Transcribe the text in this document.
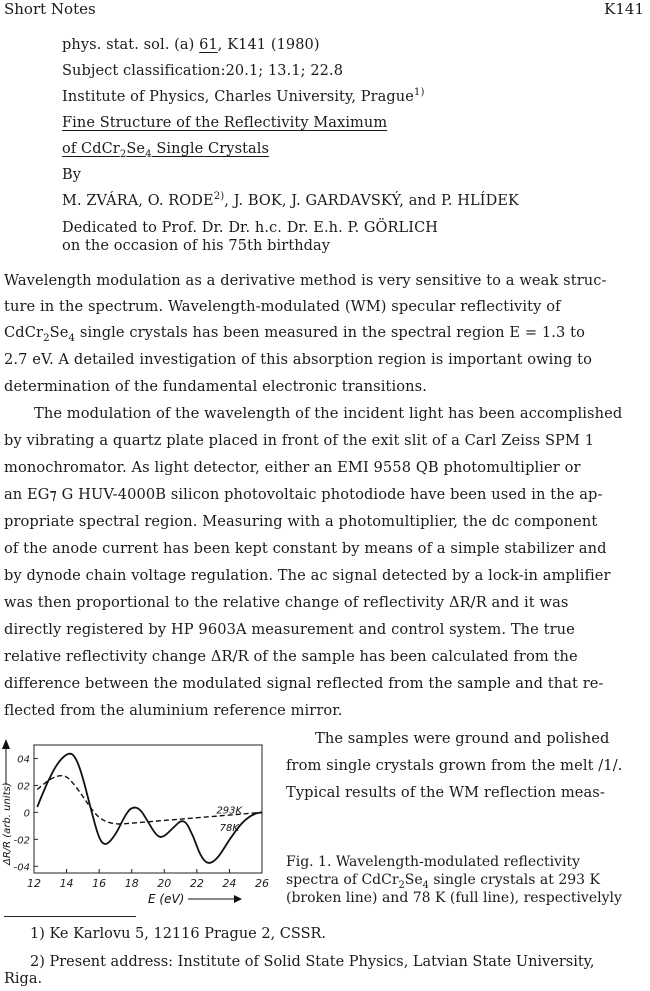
Short Notes	K141
phys. stat. sol. (a) 61, K141 (1980)
Subject classification:20.1; 13.1; 22.8
Institute of Physics, Charles University, Prague$^{1)}$
Fine Structure of the Reflectivity Maximum
of $CdCr_2Se_4$ Single Crystals
By
M. ZVÁRA, O. RODE$^{2)}$, J. BOK, J. GARDAVSKÝ, and P. HLÍDEK
Dedicated to Prof. Dr. Dr. h.c. Dr. E.h. P. GÖRLICH
on the occasion of his 75th birthday
Wavelength modulation as a derivative method is very sensitive to a weak struc-
ture in the spectrum. Wavelength-modulated (WM) specular reflectivity of
$CdCr_2Se_4$ single crystals has been measured in the spectral region E = 1.3 to
2.7 eV. A detailed investigation of this absorption region is important owing to
determination of the fundamental electronic transitions.
The modulation of the wavelength of the incident light has been accomplished
by vibrating a quartz plate placed in front of the exit slit of a Carl Zeiss SPM 1
monochromator. As light detector, either an EMI 9558 QB photomultiplier or
an EG⁊ G HUV-4000B silicon photovoltaic photodiode have been used in the ap-
propriate spectral region. Measuring with a photomultiplier, the dc component
of the anode current has been kept constant by means of a simple stabilizer and
by dynode chain voltage regulation. The ac signal detected by a lock-in amplifier
was then proportional to the relative change of reflectivity ΔR/R and it was
directly registered by HP 9603A measurement and control system. The true
relative reflectivity change ΔR/R of the sample has been calculated from the
difference between the modulated signal reflected from the sample and that re-
flected from the aluminium reference mirror.
12 14 16 18 20 22 24 26
04
02
0
-02
-04
293K
78K
E (eV)
ΔR/R (arb. units)
The samples were ground and polished
from single crystals grown from the melt /1/.
Typical results of the WM reflection meas-
Fig. 1. Wavelength-modulated reflectivity
spectra of $CdCr_2Se_4$ single crystals at 293 K
(broken line) and 78 K (full line), respectivelyly
1) Ke Karlovu 5, 12116 Prague 2, CSSR.
2) Present address: Institute of Solid State Physics, Latvian State University,
Riga.
